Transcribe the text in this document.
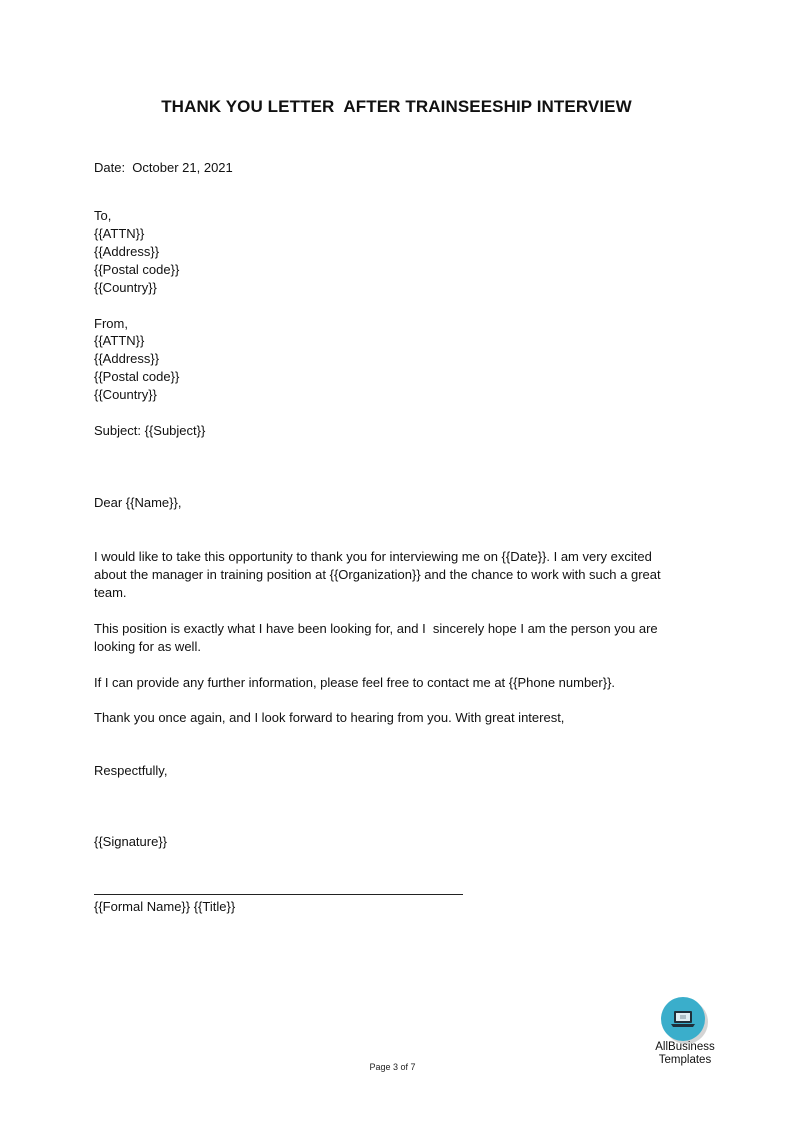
THANK YOU LETTER  AFTER TRAINSEESHIP INTERVIEW
Date:  October 21, 2021
To,
{{ATTN}}
{{Address}}
{{Postal code}}
{{Country}}
From,
{{ATTN}}
{{Address}}
{{Postal code}}
{{Country}}
Subject: {{Subject}}
Dear {{Name}},
I would like to take this opportunity to thank you for interviewing me on {{Date}}. I am very excited
about the manager in training position at {{Organization}} and the chance to work with such a great
team.
This position is exactly what I have been looking for, and I  sincerely hope I am the person you are
looking for as well.
If I can provide any further information, please feel free to contact me at {{Phone number}}.
Thank you once again, and I look forward to hearing from you. With great interest,
Respectfully,
{{Signature}}
{{Formal Name}} {{Title}}
AllBusiness
Templates
Page 3 of 7
